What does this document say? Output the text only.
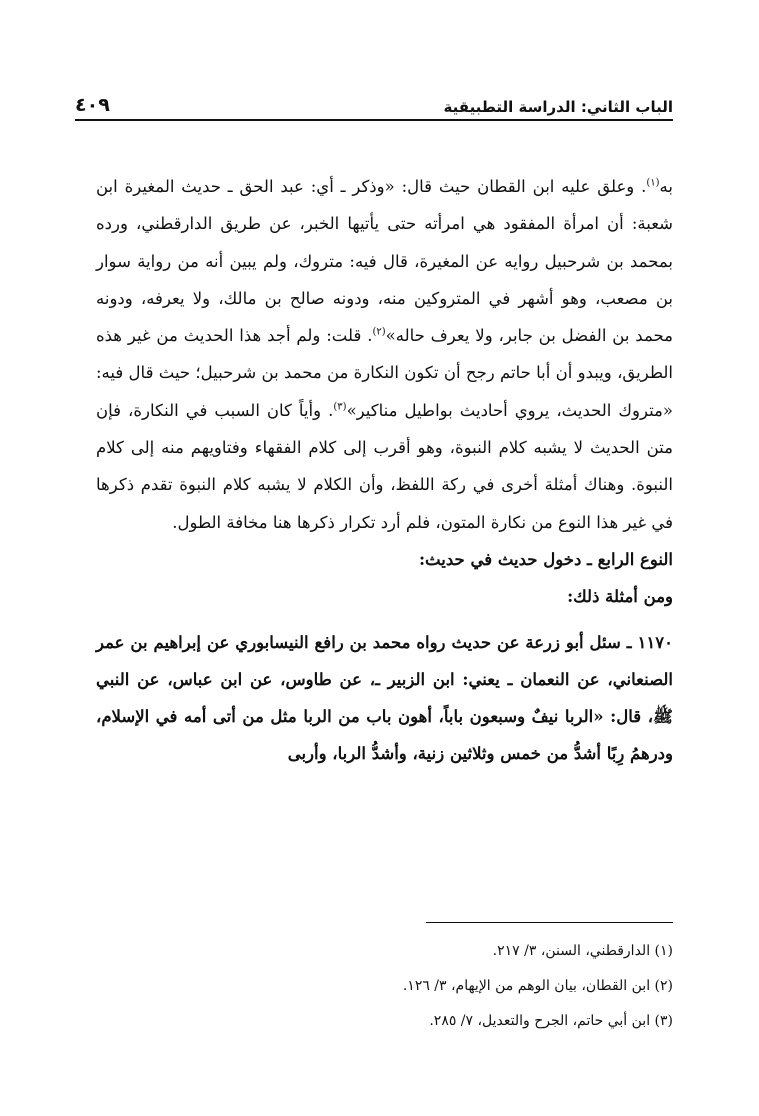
الباب الثاني: الدراسة التطبيقية
٤٠٩

به$^{(١)}$. وعلق عليه ابن القطان حيث قال: «وذكر ـ أي: عبد الحق ـ حديث المغيرة ابن شعبة: أن امرأة المفقود هي امرأته حتى يأتيها الخبر، عن طريق الدارقطني، ورده بمحمد بن شرحبيل روايه عن المغيرة، قال فيه: متروك، ولم يبين أنه من رواية سوار بن مصعب، وهو أشهر في المتروكين منه، ودونه صالح بن مالك، ولا يعرفه، ودونه محمد بن الفضل بن جابر، ولا يعرف حاله»$^{(٢)}$. قلت: ولم أجد هذا الحديث من غير هذه الطريق، ويبدو أن أبا حاتم رجح أن تكون النكارة من محمد بن شرحبيل؛ حيث قال فيه: «متروك الحديث، يروي أحاديث بواطيل مناكير»$^{(٣)}$. وأياً كان السبب في النكارة، فإن متن الحديث لا يشبه كلام النبوة، وهو أقرب إلى كلام الفقهاء وفتاويهم منه إلى كلام النبوة. وهناك أمثلة أخرى في ركة اللفظ، وأن الكلام لا يشبه كلام النبوة تقدم ذكرها في غير هذا النوع من نكارة المتون، فلم أرد تكرار ذكرها هنا مخافة الطول.

النوع الرابع ـ دخول حديث في حديث:

ومن أمثلة ذلك:

١١٧٠ ـ سئل أبو زرعة عن حديث رواه محمد بن رافع النيسابوري عن إبراهيم بن عمر الصنعاني، عن النعمان ـ يعني: ابن الزبير ـ، عن طاوس، عن ابن عباس، عن النبي ﷺ، قال: «الربا نيفٌ وسبعون باباً، أهون باب من الربا مثل من أتى أمه في الإسلام، ودرهمُ رِبًا أشدُّ من خمس وثلاثين زنية، وأشدُّ الربا، وأربى

(١) الدارقطني، السنن، ٣/ ٢١٧.
(٢) ابن القطان، بيان الوهم من الإيهام، ٣/ ١٢٦.
(٣) ابن أبي حاتم، الجرح والتعديل، ٧/ ٢٨٥.
